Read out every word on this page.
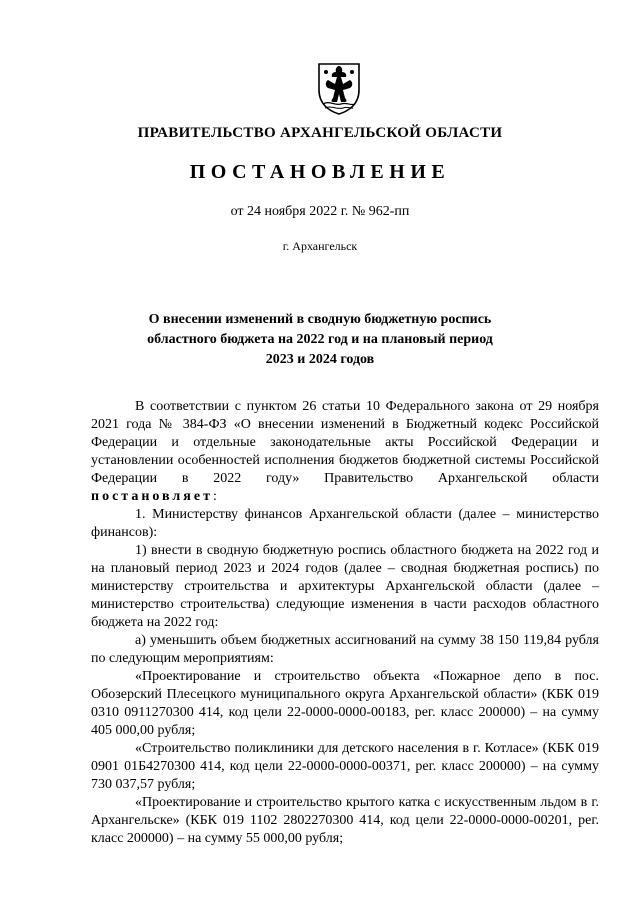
ПРАВИТЕЛЬСТВО АРХАНГЕЛЬСКОЙ ОБЛАСТИ
ПОСТАНОВЛЕНИЕ
от 24 ноября 2022 г. № 962-пп
г. Архангельск
О внесении изменений в сводную бюджетную роспись
областного бюджета на 2022 год и на плановый период
2023 и 2024 годов

В соответствии с пунктом 26 статьи 10 Федерального закона от 29 ноября 2021 года № 384-ФЗ «О внесении изменений в Бюджетный кодекс Российской Федерации и отдельные законодательные акты Российской Федерации и установлении особенностей исполнения бюджетов бюджетной системы Российской Федерации в 2022 году» Правительство Архангельской области постановляет:

1. Министерству финансов Архангельской области (далее – министерство финансов):

1) внести в сводную бюджетную роспись областного бюджета на 2022 год и на плановый период 2023 и 2024 годов (далее – сводная бюджетная роспись) по министерству строительства и архитектуры Архангельской области (далее – министерство строительства) следующие изменения в части расходов областного бюджета на 2022 год:

а) уменьшить объем бюджетных ассигнований на сумму 38 150 119,84 рубля по следующим мероприятиям:

«Проектирование и строительство объекта «Пожарное депо в пос. Обозерский Плесецкого муниципального округа Архангельской области» (КБК 019 0310 0911270300 414, код цели 22-0000-0000-00183, рег. класс 200000) – на сумму 405 000,00 рубля;

«Строительство поликлиники для детского населения в г. Котласе» (КБК 019 0901 01Б4270300 414, код цели 22-0000-0000-00371, рег. класс 200000) – на сумму 730 037,57 рубля;

«Проектирование и строительство крытого катка с искусственным льдом в г. Архангельске» (КБК 019 1102 2802270300 414, код цели 22-0000-0000-00201, рег. класс 200000) – на сумму 55 000,00 рубля;
